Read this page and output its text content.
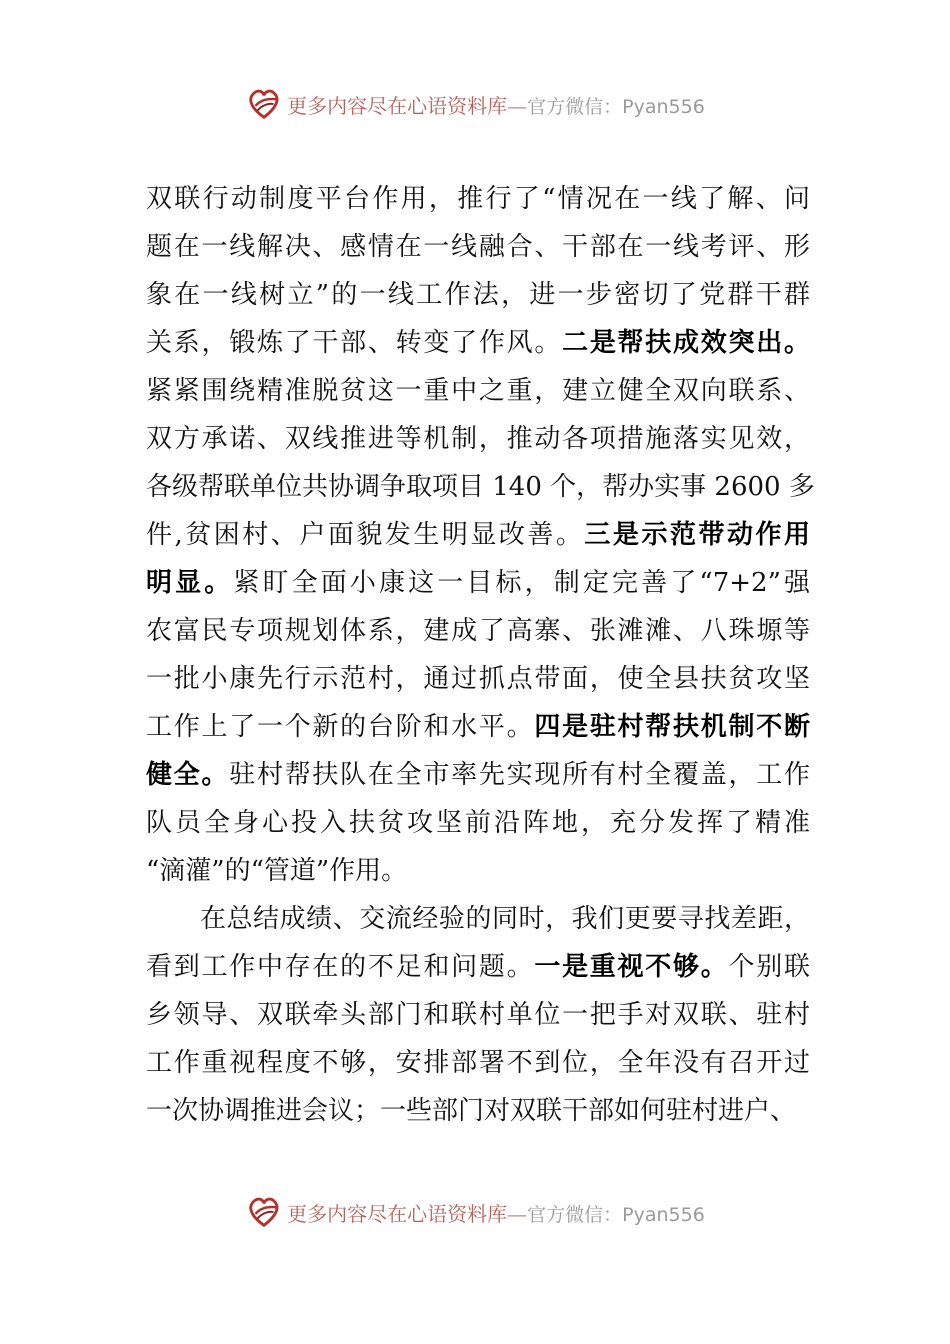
更多内容尽在心语资料库—官方微信：Pyan556
双联行动制度平台作用，推行了“情况在一线了解、问
题在一线解决、感情在一线融合、干部在一线考评、形
象在一线树立”的一线工作法，进一步密切了党群干群
关系，锻炼了干部、转变了作风。二是帮扶成效突出。
紧紧围绕精准脱贫这一重中之重，建立健全双向联系、
双方承诺、双线推进等机制，推动各项措施落实见效，
各级帮联单位共协调争取项目 140 个，帮办实事 2600 多
件,贫困村、户面貌发生明显改善。三是示范带动作用
明显。紧盯全面小康这一目标，制定完善了“7+2”强
农富民专项规划体系，建成了高寨、张滩滩、八珠塬等
一批小康先行示范村，通过抓点带面，使全县扶贫攻坚
工作上了一个新的台阶和水平。四是驻村帮扶机制不断
健全。驻村帮扶队在全市率先实现所有村全覆盖，工作
队员全身心投入扶贫攻坚前沿阵地，充分发挥了精准
“滴灌”的“管道”作用。
在总结成绩、交流经验的同时，我们更要寻找差距，
看到工作中存在的不足和问题。一是重视不够。个别联
乡领导、双联牵头部门和联村单位一把手对双联、驻村
工作重视程度不够，安排部署不到位，全年没有召开过
一次协调推进会议；一些部门对双联干部如何驻村进户、
更多内容尽在心语资料库—官方微信：Pyan556
